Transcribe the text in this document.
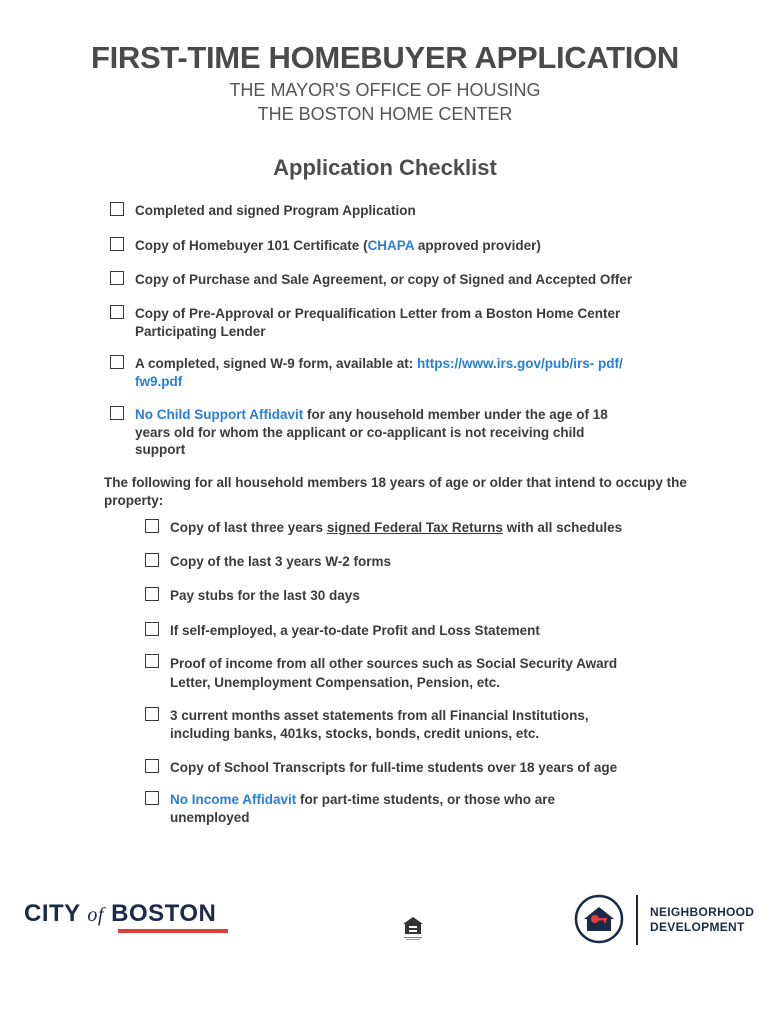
FIRST-TIME HOMEBUYER APPLICATION
THE MAYOR'S OFFICE OF HOUSING
THE BOSTON HOME CENTER
Application Checklist
Completed and signed Program Application
Copy of Homebuyer 101 Certificate (CHAPA approved provider)
Copy of Purchase and Sale Agreement, or copy of Signed and Accepted Offer
Copy of Pre-Approval or Prequalification Letter from a Boston Home Center
Participating Lender
A completed, signed W-9 form, available at: https://www.irs.gov/pub/irs- pdf/
fw9.pdf
No Child Support Affidavit for any household member under the age of 18
years old for whom the applicant or co-applicant is not receiving child
support
The following for all household members 18 years of age or older that intend to occupy the property:
Copy of last three years signed Federal Tax Returns with all schedules
Copy of the last 3 years W-2 forms
Pay stubs for the last 30 days
If self-employed, a year-to-date Profit and Loss Statement
Proof of income from all other sources such as Social Security Award
Letter, Unemployment Compensation, Pension, etc.
3 current months asset statements from all Financial Institutions,
including banks, 401ks, stocks, bonds, credit unions, etc.
Copy of School Transcripts for full-time students over 18 years of age
No Income Affidavit for part-time students, or those who are
unemployed
CITY of BOSTON	NEIGHBORHOOD
DEVELOPMENT
